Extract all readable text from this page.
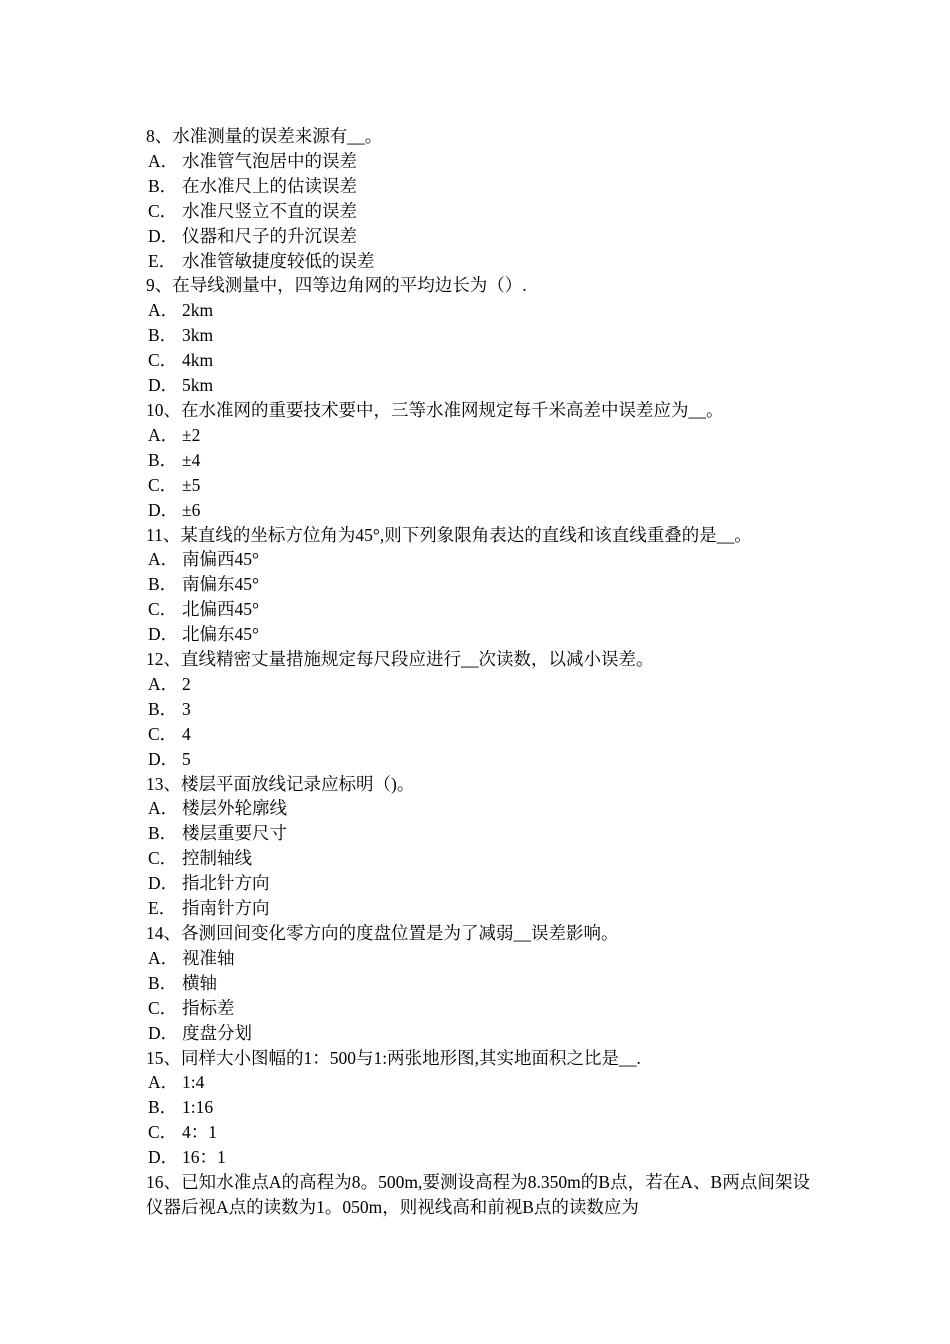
8、水准测量的误差来源有__。

A． 水准管气泡居中的误差

B． 在水准尺上的估读误差

C． 水准尺竖立不直的误差

D． 仪器和尺子的升沉误差

E． 水准管敏捷度较低的误差

9、在导线测量中，四等边角网的平均边长为（）.

A． 2km

B． 3km

C． 4km

D． 5km

10、在水准网的重要技术要中，三等水准网规定每千米高差中误差应为__。

A． ±2

B． ±4

C． ±5

D． ±6

11、某直线的坐标方位角为45°,则下列象限角表达的直线和该直线重叠的是__。

A． 南偏西45°

B． 南偏东45°

C． 北偏西45°

D． 北偏东45°

12、直线精密丈量措施规定每尺段应进行__次读数，以减小误差。

A． 2

B． 3

C． 4

D． 5

13、楼层平面放线记录应标明（)。

A． 楼层外轮廓线

B． 楼层重要尺寸

C． 控制轴线

D． 指北针方向

E． 指南针方向

14、各测回间变化零方向的度盘位置是为了减弱__误差影响。

A． 视准轴

B． 横轴

C． 指标差

D． 度盘分划

15、同样大小图幅的1：500与1:两张地形图,其实地面积之比是__.

A． 1:4

B． 1:16

C． 4：1

D． 16：1

16、已知水准点A的高程为8。500m,要测设高程为8.350m的B点，若在A、B两点间架设仪器后视A点的读数为1。050m，则视线高和前视B点的读数应为
